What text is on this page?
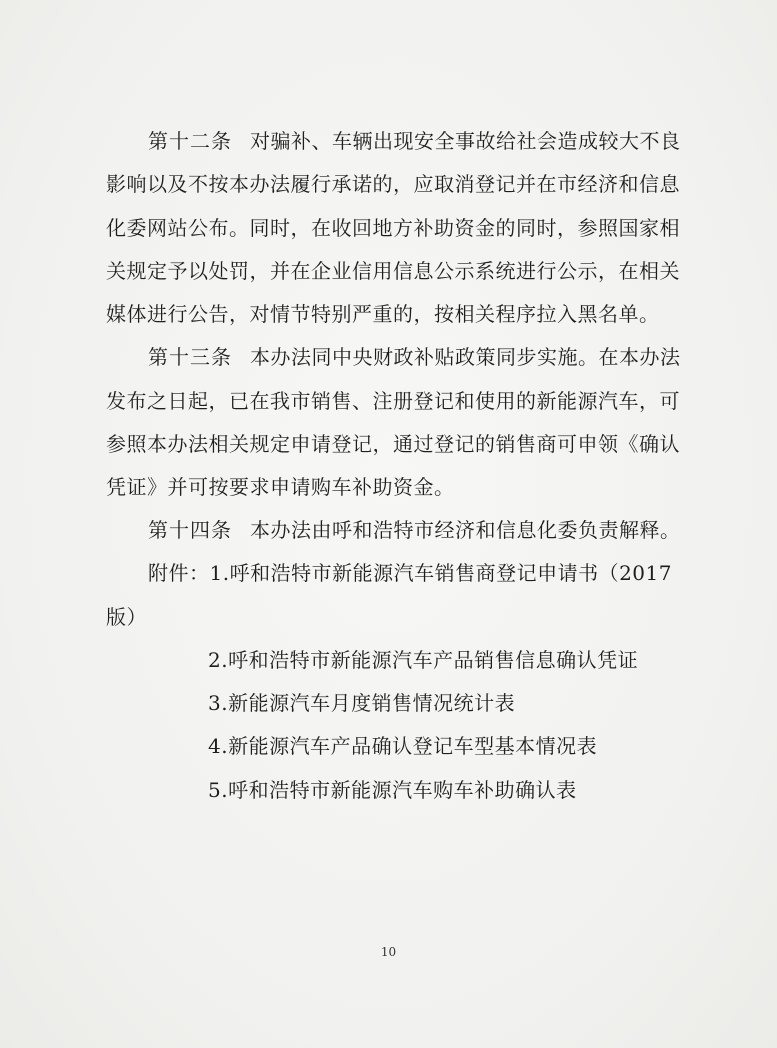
第十二条 对骗补、车辆出现安全事故给社会造成较大不良
影响以及不按本办法履行承诺的，应取消登记并在市经济和信息
化委网站公布。同时，在收回地方补助资金的同时，参照国家相
关规定予以处罚，并在企业信用信息公示系统进行公示，在相关
媒体进行公告，对情节特别严重的，按相关程序拉入黑名单。
第十三条 本办法同中央财政补贴政策同步实施。在本办法
发布之日起，已在我市销售、注册登记和使用的新能源汽车，可
参照本办法相关规定申请登记，通过登记的销售商可申领《确认
凭证》并可按要求申请购车补助资金。
第十四条 本办法由呼和浩特市经济和信息化委负责解释。
附件：1.呼和浩特市新能源汽车销售商登记申请书（2017
版）
2.呼和浩特市新能源汽车产品销售信息确认凭证
3.新能源汽车月度销售情况统计表
4.新能源汽车产品确认登记车型基本情况表
5.呼和浩特市新能源汽车购车补助确认表
10
